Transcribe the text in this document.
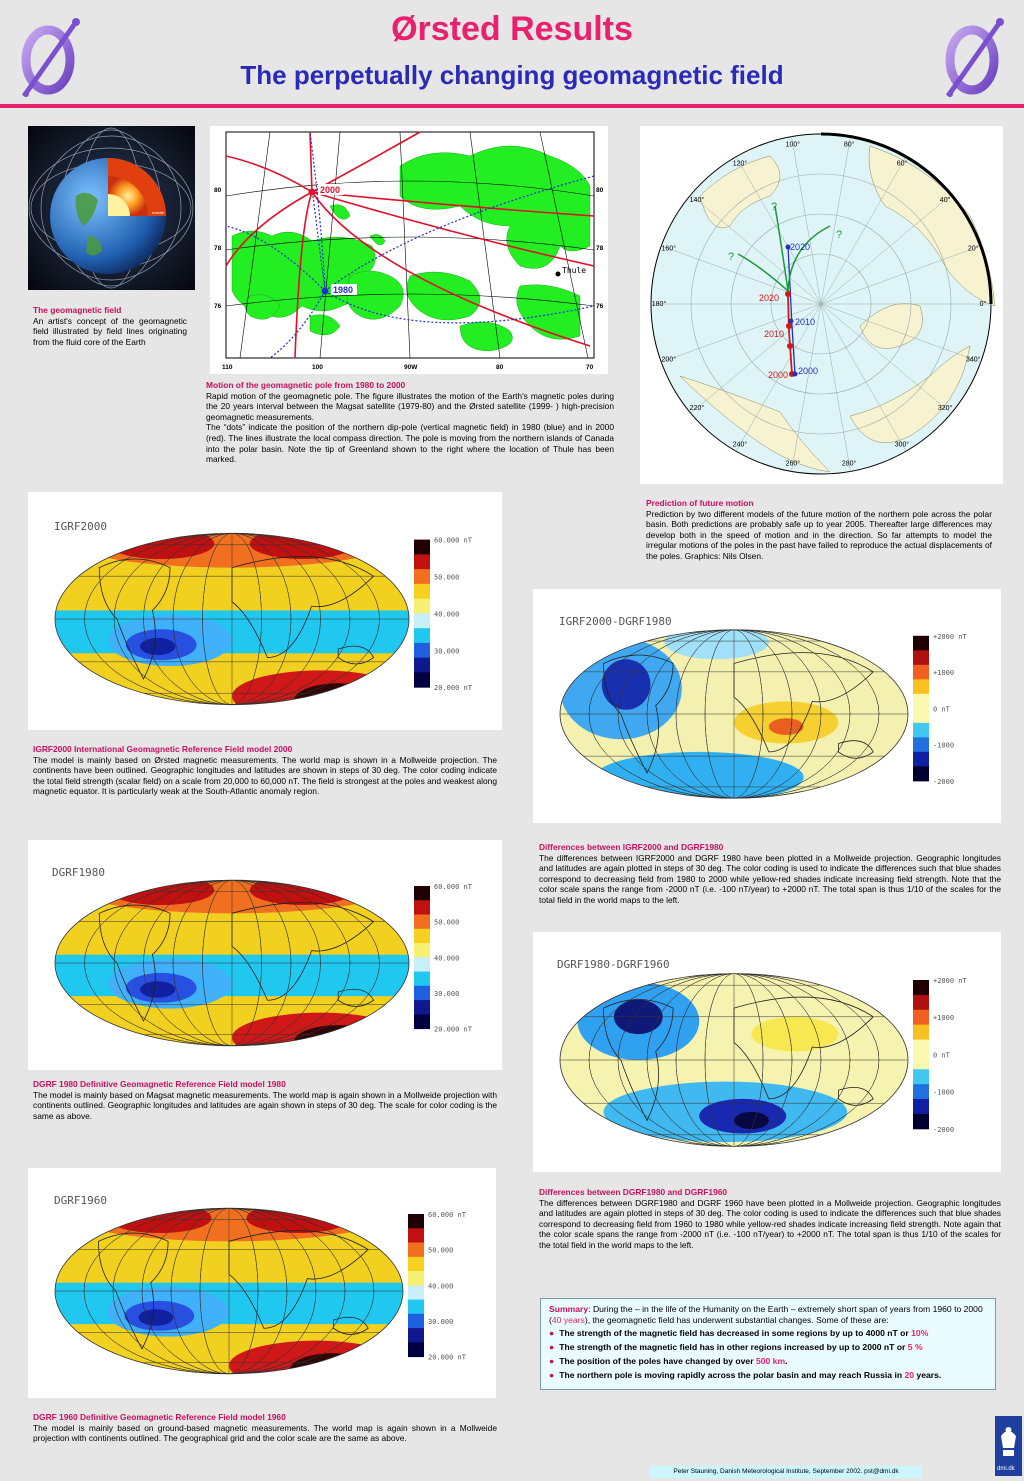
Ørsted Results
The perpetually changing geomagnetic field
mantle
The geomagnetic field
An artist's concept of the geomagnetic field illustrated by field lines originating from the fluid core of the Earth
2000
1980
Thule
80
78
76
80
78
76
110	100	90W	80	70
Motion of the geomagnetic pole from 1980 to 2000
Rapid motion of the geomagnetic pole. The figure illustrates the motion of the Earth's magnetic poles during the 20 years interval between the Magsat satellite (1979-80) and the Ørsted satellite (1999- ) high-precision geomagnetic measurements.
The “dots” indicate the position of the northern dip-pole (vertical magnetic field) in 1980 (blue) and in 2000 (red). The lines illustrate the local compass direction. The pole is moving from the northern islands of Canada into the polar basin. Note the tip of Greenland shown to the right where the location of Thule has been marked.
100°	80°
60°
40°
20°
0°
340°
320°
300°
280°
260°
240°
220°
200°
180°
160°
140°
120°
2000
2010
2020
2000
2010
2020
?
?
?
Prediction of future motion
Prediction by two different models of the future motion of the northern pole across the polar basin. Both predictions are probably safe up to year 2005. Thereafter large differences may develop both in the speed of motion and in the direction. So far attempts to model the irregular motions of the poles in the past have failed to reproduce the actual displacements of the poles. Graphics: Nils Olsen.
IGRF2000
60.000 nT
50.000
40.000
30.000
20.000 nT
IGRF2000 International Geomagnetic Reference Field model 2000
The model is mainly based on Ørsted magnetic measurements. The world map is shown in a Mollweide projection. The continents have been outlined. Geographic longitudes and latitudes are shown in steps of 30 deg. The color coding indicate the total field strength (scalar field) on a scale from 20,000 to 60,000 nT. The field is strongest at the poles and weakest along magnetic equator. It is particularly weak at the South-Atlantic anomaly region.
DGRF1980
60.000 nT
50.000
40.000
30.000
20.000 nT
DGRF 1980 Definitive Geomagnetic Reference Field model 1980
The model is mainly based on Magsat magnetic measurements. The world map is again shown in a Mollweide projection with continents outlined. Geographic longitudes and latitudes are again shown in steps of 30 deg. The scale for color coding is the same as above.
DGRF1960
60.000 nT
50.000
40.000
30.000
20.000 nT
DGRF 1960 Definitive Geomagnetic Reference Field model 1960
The model is mainly based on ground-based magnetic measurements. The world map is again shown in a Mollweide projection with continents outlined. The geographical grid and the color scale are the same as above.
IGRF2000-DGRF1980
+2000 nT
+1000
0 nT
-1000
-2000
Differences between IGRF2000 and DGRF1980
The differences between IGRF2000 and DGRF 1980 have been plotted in a Mollweide projection. Geographic longitudes and latitudes are again plotted in steps of 30 deg. The color coding is used to indicate the differences such that blue shades correspond to decreasing field from 1980 to 2000 while yellow-red shades indicate increasing field strength. Note that the color scale spans the range from -2000 nT (i.e. -100 nT/year) to +2000 nT. The total span is thus 1/10 of the scales for the total field in the world maps to the left.
DGRF1980-DGRF1960
+2000 nT
+1000
0 nT
-1000
-2000
Differences between DGRF1980 and DGRF1960
The differences between DGRF1980 and DGRF 1960 have been plotted in a Mollweide projection. Geographic longitudes and latitudes are again plotted in steps of 30 deg. The color coding is used to indicate the differences such that blue shades correspond to decreasing field from 1960 to 1980 while yellow-red shades indicate increasing field strength. Note again that the color scale spans the range from -2000 nT (i.e. -100 nT/year) to +2000 nT. The total span is thus 1/10 of the scales for the total field in the world maps to the left.
Summary: During the – in the life of the Humanity on the Earth – extremely short span of years from 1960 to 2000 (40 years), the geomagnetic field has underwent substantial changes. Some of these are:
● The strength of the magnetic field has decreased in some regions by up to 4000 nT or 10%
● The strength of the magnetic field has in other regions increased by up to 2000 nT or 5 %
● The position of the poles have changed by over 500 km.
● The northern pole is moving rapidly across the polar basin and may reach Russia in 20 years.
Peter Stauning, Danish Meteorological Institute, September 2002. pst@dmi.dk	dmi.dk
